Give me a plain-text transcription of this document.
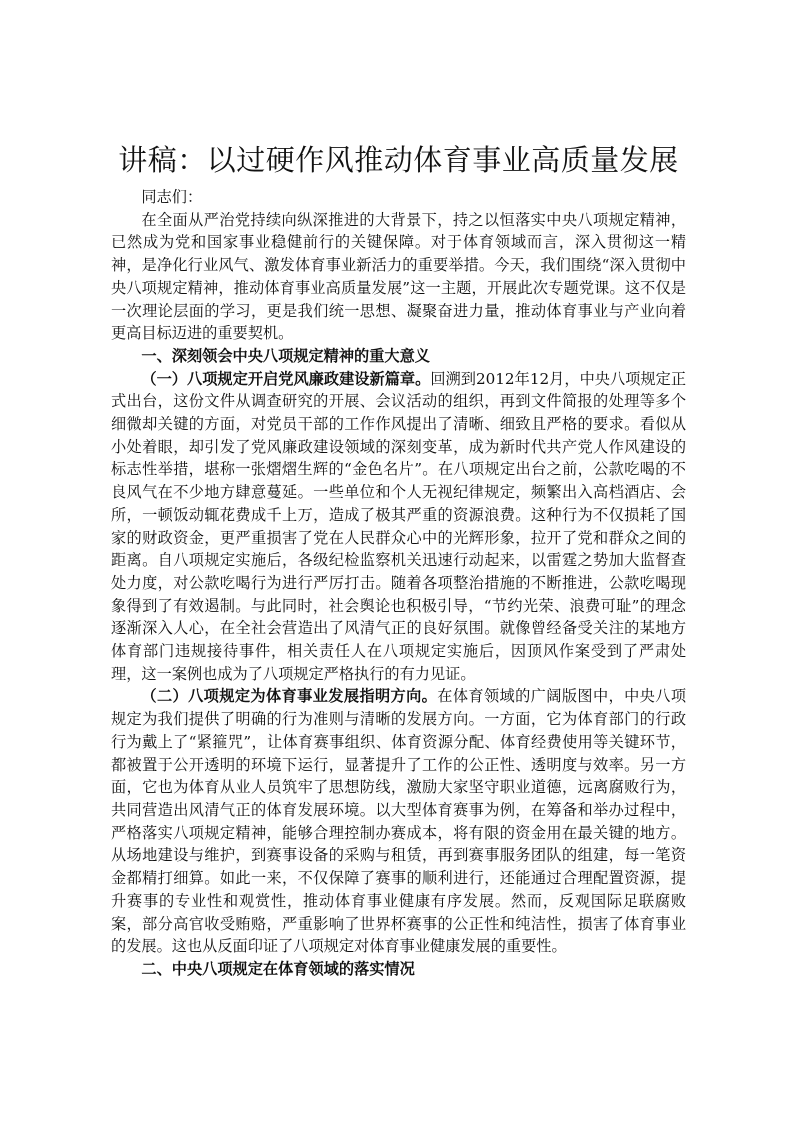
讲稿：以过硬作风推动体育事业高质量发展

同志们：

在全面从严治党持续向纵深推进的大背景下，持之以恒落实中央八项规定精神，已然成为党和国家事业稳健前行的关键保障。对于体育领域而言，深入贯彻这一精神，是净化行业风气、激发体育事业新活力的重要举措。今天，我们围绕“深入贯彻中央八项规定精神，推动体育事业高质量发展”这一主题，开展此次专题党课。这不仅是一次理论层面的学习，更是我们统一思想、凝聚奋进力量，推动体育事业与产业向着更高目标迈进的重要契机。

一、深刻领会中央八项规定精神的重大意义

（一）八项规定开启党风廉政建设新篇章。回溯到2012年12月，中央八项规定正式出台，这份文件从调查研究的开展、会议活动的组织，再到文件简报的处理等多个细微却关键的方面，对党员干部的工作作风提出了清晰、细致且严格的要求。看似从小处着眼，却引发了党风廉政建设领域的深刻变革，成为新时代共产党人作风建设的标志性举措，堪称一张熠熠生辉的“金色名片”。在八项规定出台之前，公款吃喝的不良风气在不少地方肆意蔓延。一些单位和个人无视纪律规定，频繁出入高档酒店、会所，一顿饭动辄花费成千上万，造成了极其严重的资源浪费。这种行为不仅损耗了国家的财政资金，更严重损害了党在人民群众心中的光辉形象，拉开了党和群众之间的距离。自八项规定实施后，各级纪检监察机关迅速行动起来，以雷霆之势加大监督查处力度，对公款吃喝行为进行严厉打击。随着各项整治措施的不断推进，公款吃喝现象得到了有效遏制。与此同时，社会舆论也积极引导，“节约光荣、浪费可耻”的理念逐渐深入人心，在全社会营造出了风清气正的良好氛围。就像曾经备受关注的某地方体育部门违规接待事件，相关责任人在八项规定实施后，因顶风作案受到了严肃处理，这一案例也成为了八项规定严格执行的有力见证。

（二）八项规定为体育事业发展指明方向。在体育领域的广阔版图中，中央八项规定为我们提供了明确的行为准则与清晰的发展方向。一方面，它为体育部门的行政行为戴上了“紧箍咒”，让体育赛事组织、体育资源分配、体育经费使用等关键环节，都被置于公开透明的环境下运行，显著提升了工作的公正性、透明度与效率。另一方面，它也为体育从业人员筑牢了思想防线，激励大家坚守职业道德，远离腐败行为，共同营造出风清气正的体育发展环境。以大型体育赛事为例，在筹备和举办过程中，严格落实八项规定精神，能够合理控制办赛成本，将有限的资金用在最关键的地方。从场地建设与维护，到赛事设备的采购与租赁，再到赛事服务团队的组建，每一笔资金都精打细算。如此一来，不仅保障了赛事的顺利进行，还能通过合理配置资源，提升赛事的专业性和观赏性，推动体育事业健康有序发展。然而，反观国际足联腐败案，部分高官收受贿赂，严重影响了世界杯赛事的公正性和纯洁性，损害了体育事业的发展。这也从反面印证了八项规定对体育事业健康发展的重要性。

二、中央八项规定在体育领域的落实情况
